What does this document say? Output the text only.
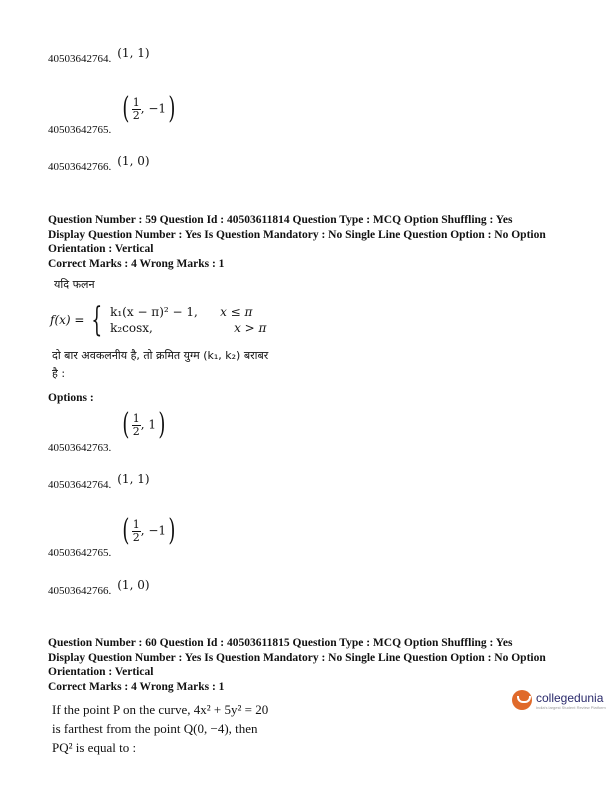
40503642764. (1, 1)
40503642765.
( $\frac{1}{2}$ , −1)
40503642766. (1, 0)
Question Number : 59 Question Id : 40503611814 Question Type : MCQ Option Shuffling : Yes
Display Question Number : Yes Is Question Mandatory : No Single Line Question Option : No Option
Orientation : Vertical
Correct Marks : 4 Wrong Marks : 1
यदि फलन
f(x) = { k₁(x − π)² − 1,	x ≤ π
k₂cosx,	x > π
दो बार अवकलनीय है, तो क्रमित युग्म (k₁, k₂) बराबर
है :
Options :
40503642763.
( $\frac{1}{2}$ , 1)
40503642764. (1, 1)
40503642765.
( $\frac{1}{2}$ , −1)
40503642766. (1, 0)
Question Number : 60 Question Id : 40503611815 Question Type : MCQ Option Shuffling : Yes
Display Question Number : Yes Is Question Mandatory : No Single Line Question Option : No Option
Orientation : Vertical
Correct Marks : 4 Wrong Marks : 1
If the point P on the curve, 4x² + 5y² = 20
is farthest from the point Q(0, −4), then
PQ² is equal to :
collegedunia
India's largest Student Review Platform
